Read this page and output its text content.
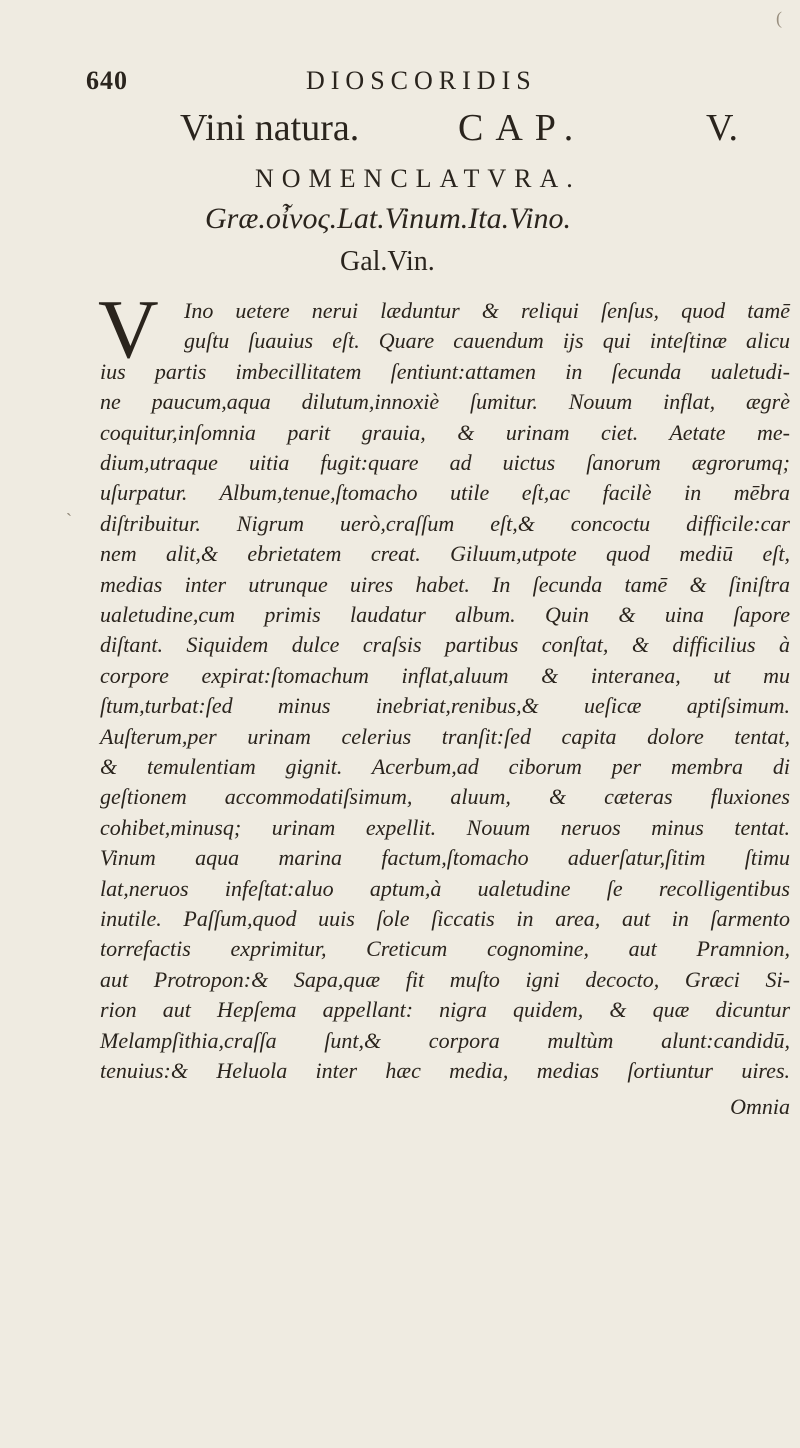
(
640	DIOSCORIDIS
Vini natura.	CAP.	V.
NOMENCLATVRA.
Græ.οἶνος.Lat.Vinum.Ita.Vino.
Gal.Vin.
V Ino uetere nerui læduntur & reliqui ſenſus, quod tamē
guſtu ſuauius eſt. Quare cauendum ijs qui inteſtinæ alicu
ius partis imbecillitatem ſentiunt:attamen in ſecunda ualetudi-
ne paucum,aqua dilutum,innoxiè ſumitur. Nouum inflat, ægrè
coquitur,inſomnia parit grauia, & urinam ciet. Aetate me-
dium,utraque uitia fugit:quare ad uictus ſanorum ægrorumq;
uſurpatur. Album,tenue,ſtomacho utile eſt,ac facilè in mēbra
diſtribuitur. Nigrum uerò,craſſum eſt,& concoctu difficile:car
nem alit,& ebrietatem creat. Giluum,utpote quod mediū eſt,
medias inter utrunque uires habet. In ſecunda tamē & ſiniſtra
ualetudine,cum primis laudatur album. Quin & uina ſapore
diſtant. Siquidem dulce craſsis partibus conſtat, & difficilius à
corpore expirat:ſtomachum inflat,aluum & interanea, ut mu
ſtum,turbat:ſed minus inebriat,renibus,& ueſicæ aptiſsimum.
Auſterum,per urinam celerius tranſit:ſed capita dolore tentat,
& temulentiam gignit. Acerbum,ad ciborum per membra di
geſtionem accommodatiſsimum, aluum, & cæteras fluxiones
cohibet,minusq; urinam expellit. Nouum neruos minus tentat.
Vinum aqua marina factum,ſtomacho aduerſatur,ſitim ſtimu
lat,neruos infeſtat:aluo aptum,à ualetudine ſe recolligentibus
inutile. Paſſum,quod uuis ſole ſiccatis in area, aut in ſarmento
torrefactis exprimitur, Creticum cognomine, aut Pramnion,
aut Protropon:& Sapa,quæ fit muſto igni decocto, Græci Si-
rion aut Hepſema appellant: nigra quidem, & quæ dicuntur
Melampſithia,craſſa ſunt,& corpora multùm alunt:candidū,
tenuius:& Heluola inter hæc media, medias ſortiuntur uires.
Omnia
`
